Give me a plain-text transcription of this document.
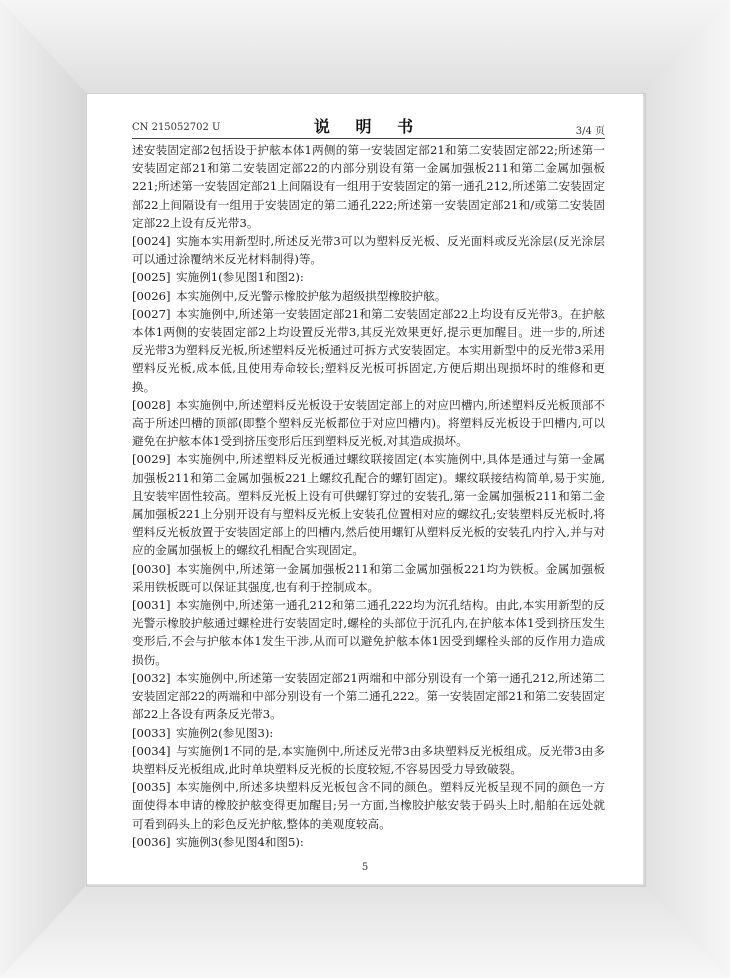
CN 215052702 U	说 明 书	3/4 页
述安装固定部2包括设于护舷本体1两侧的第一安装固定部21和第二安装固定部22;所述第一安装固定部21和第二安装固定部22的内部分别设有第一金属加强板211和第二金属加强板221;所述第一安装固定部21上间隔设有一组用于安装固定的第一通孔212,所述第二安装固定部22上间隔设有一组用于安装固定的第二通孔222;所述第一安装固定部21和/或第二安装固定部22上设有反光带3。
[0024] 实施本实用新型时,所述反光带3可以为塑料反光板、反光面料或反光涂层(反光涂层可以通过涂覆纳米反光材料制得)等。
[0025] 实施例1(参见图1和图2):
[0026] 本实施例中,反光警示橡胶护舷为超级拱型橡胶护舷。
[0027] 本实施例中,所述第一安装固定部21和第二安装固定部22上均设有反光带3。在护舷本体1两侧的安装固定部2上均设置反光带3,其反光效果更好,提示更加醒目。进一步的,所述反光带3为塑料反光板,所述塑料反光板通过可拆方式安装固定。本实用新型中的反光带3采用塑料反光板,成本低,且使用寿命较长;塑料反光板可拆固定,方便后期出现损坏时的维修和更换。
[0028] 本实施例中,所述塑料反光板设于安装固定部上的对应凹槽内,所述塑料反光板顶部不高于所述凹槽的顶部(即整个塑料反光板都位于对应凹槽内)。将塑料反光板设于凹槽内,可以避免在护舷本体1受到挤压变形后压到塑料反光板,对其造成损坏。
[0029] 本实施例中,所述塑料反光板通过螺纹联接固定(本实施例中,具体是通过与第一金属加强板211和第二金属加强板221上螺纹孔配合的螺钉固定)。螺纹联接结构简单,易于实施,且安装牢固性较高。塑料反光板上设有可供螺钉穿过的安装孔,第一金属加强板211和第二金属加强板221上分别开设有与塑料反光板上安装孔位置相对应的螺纹孔;安装塑料反光板时,将塑料反光板放置于安装固定部上的凹槽内,然后使用螺钉从塑料反光板的安装孔内拧入,并与对应的金属加强板上的螺纹孔相配合实现固定。
[0030] 本实施例中,所述第一金属加强板211和第二金属加强板221均为铁板。金属加强板采用铁板既可以保证其强度,也有利于控制成本。
[0031] 本实施例中,所述第一通孔212和第二通孔222均为沉孔结构。由此,本实用新型的反光警示橡胶护舷通过螺栓进行安装固定时,螺栓的头部位于沉孔内,在护舷本体1受到挤压发生变形后,不会与护舷本体1发生干涉,从而可以避免护舷本体1因受到螺栓头部的反作用力造成损伤。
[0032] 本实施例中,所述第一安装固定部21两端和中部分别设有一个第一通孔212,所述第二安装固定部22的两端和中部分别设有一个第二通孔222。第一安装固定部21和第二安装固定部22上各设有两条反光带3。
[0033] 实施例2(参见图3):
[0034] 与实施例1不同的是,本实施例中,所述反光带3由多块塑料反光板组成。反光带3由多块塑料反光板组成,此时单块塑料反光板的长度较短,不容易因受力导致破裂。
[0035] 本实施例中,所述多块塑料反光板包含不同的颜色。塑料反光板呈现不同的颜色一方面使得本申请的橡胶护舷变得更加醒目;另一方面,当橡胶护舷安装于码头上时,船舶在远处就可看到码头上的彩色反光护舷,整体的美观度较高。
[0036] 实施例3(参见图4和图5):
5
